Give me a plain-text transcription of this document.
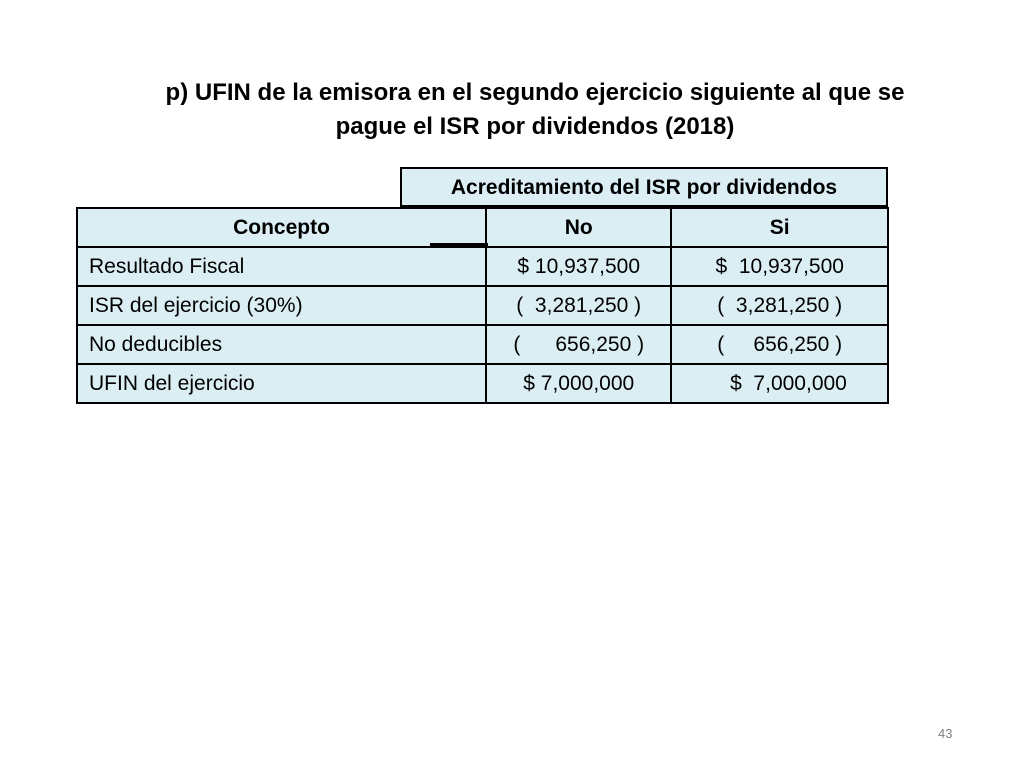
p) UFIN de la emisora en el segundo ejercicio siguiente al que se
pague el ISR por dividendos (2018)
Acreditamiento del ISR por dividendos
Concepto	No	Si
Resultado Fiscal	$ 10,937,500	$  10,937,500
ISR del ejercicio (30%)	(  3,281,250 )	(  3,281,250 )
No deducibles	(      656,250 )	(     656,250 )
UFIN del ejercicio	$ 7,000,000	$  7,000,000
43
